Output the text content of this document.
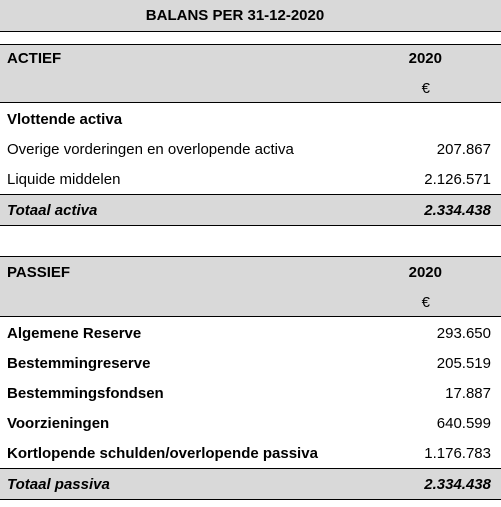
BALANS PER 31-12-2020
ACTIEF	2020
€
Vlottende activa
Overige vorderingen en overlopende activa	207.867
Liquide middelen	2.126.571
Totaal activa	2.334.438
PASSIEF	2020
€
Algemene Reserve	293.650
Bestemmingreserve	205.519
Bestemmingsfondsen	17.887
Voorzieningen	640.599
Kortlopende schulden/overlopende passiva	1.176.783
Totaal passiva	2.334.438
